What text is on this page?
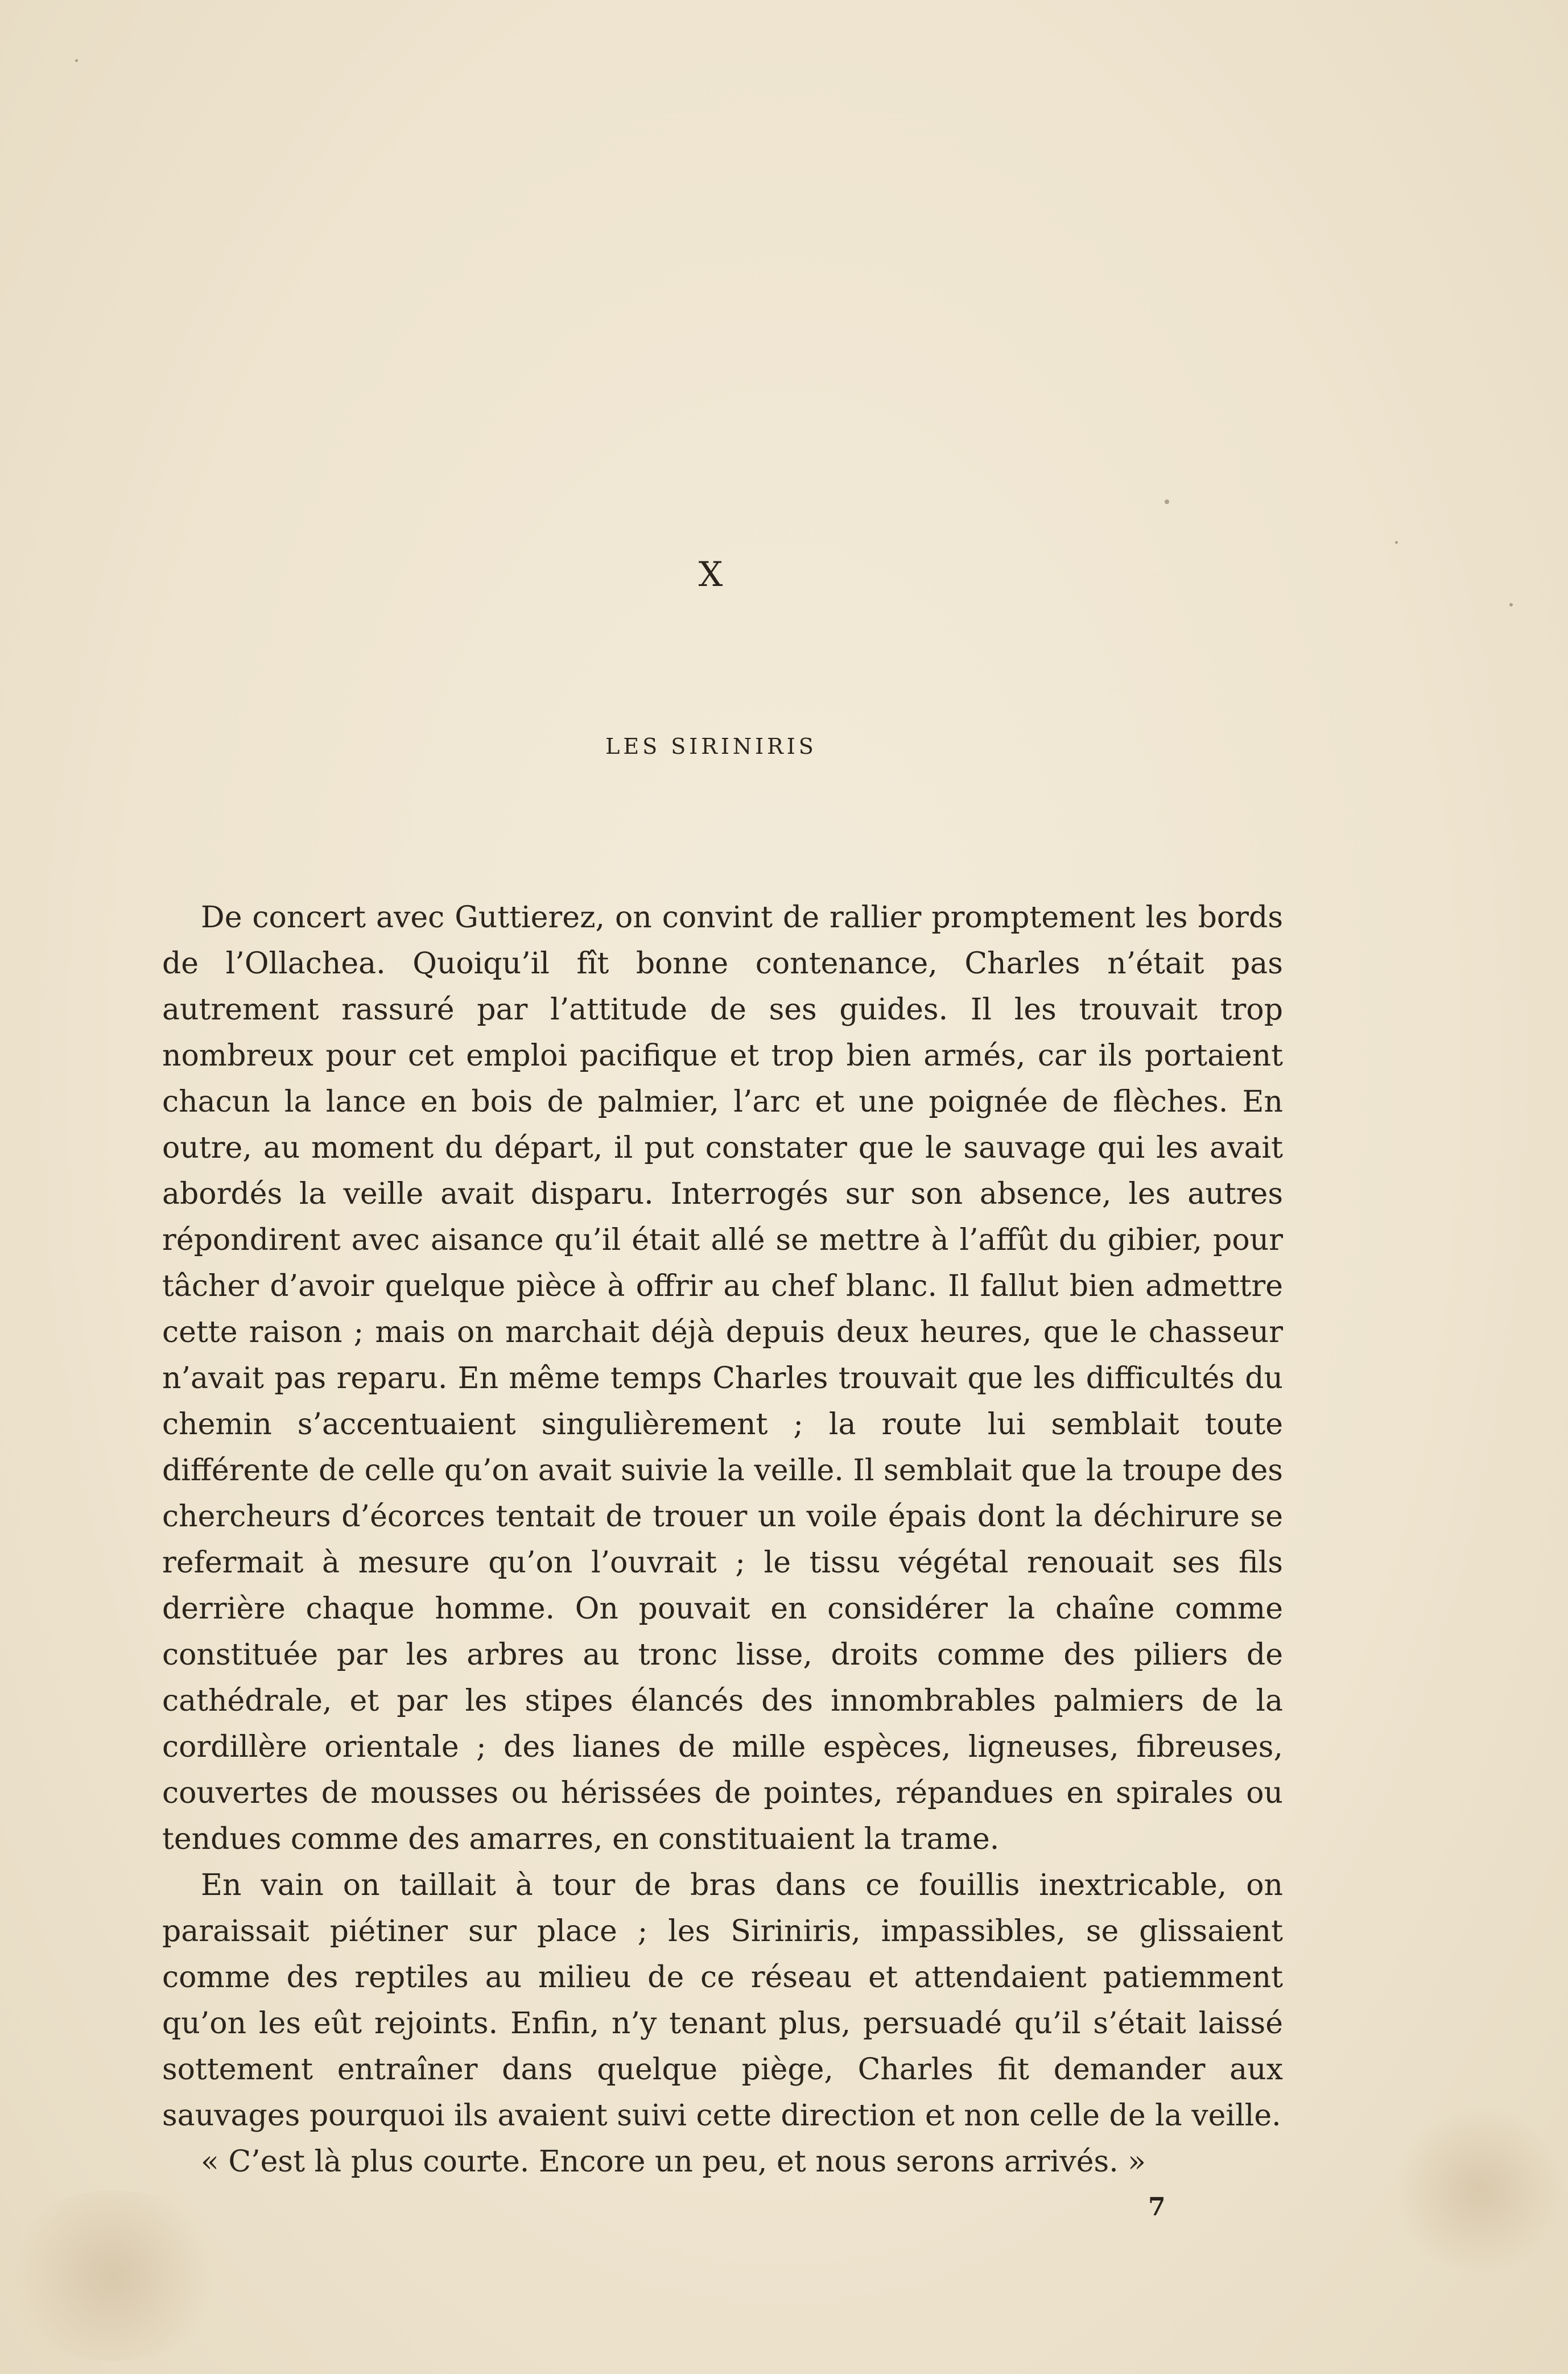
X
LES SIRINIRIS

De concert avec Guttierez, on convint de rallier promptement les bords de l’Ollachea. Quoiqu’il fît bonne contenance, Charles n’était pas autrement rassuré par l’attitude de ses guides. Il les trouvait trop nombreux pour cet emploi pacifique et trop bien armés, car ils portaient chacun la lance en bois de palmier, l’arc et une poignée de flèches. En outre, au moment du départ, il put constater que le sauvage qui les avait abordés la veille avait disparu. Interrogés sur son absence, les autres répondirent avec aisance qu’il était allé se mettre à l’affût du gibier, pour tâcher d’avoir quelque pièce à offrir au chef blanc. Il fallut bien admettre cette raison ; mais on marchait déjà depuis deux heures, que le chasseur n’avait pas reparu. En même temps Charles trouvait que les difficultés du chemin s’accentuaient singulièrement ; la route lui semblait toute différente de celle qu’on avait suivie la veille. Il semblait que la troupe des chercheurs d’écorces tentait de trouer un voile épais dont la déchirure se refermait à mesure qu’on l’ouvrait ; le tissu végétal renouait ses fils derrière chaque homme. On pouvait en considérer la chaîne comme constituée par les arbres au tronc lisse, droits comme des piliers de cathédrale, et par les stipes élancés des innombrables palmiers de la cordillère orientale ; des lianes de mille espèces, ligneuses, fibreuses, couvertes de mousses ou hérissées de pointes, répandues en spirales ou tendues comme des amarres, en constituaient la trame.

En vain on taillait à tour de bras dans ce fouillis inextricable, on paraissait piétiner sur place ; les Siriniris, impassibles, se glissaient comme des reptiles au milieu de ce réseau et attendaient patiemment qu’on les eût rejoints. Enfin, n’y tenant plus, persuadé qu’il s’était laissé sottement entraîner dans quelque piège, Charles fit demander aux sauvages pourquoi ils avaient suivi cette direction et non celle de la veille.

« C’est là plus courte. Encore un peu, et nous serons arrivés. »

7
